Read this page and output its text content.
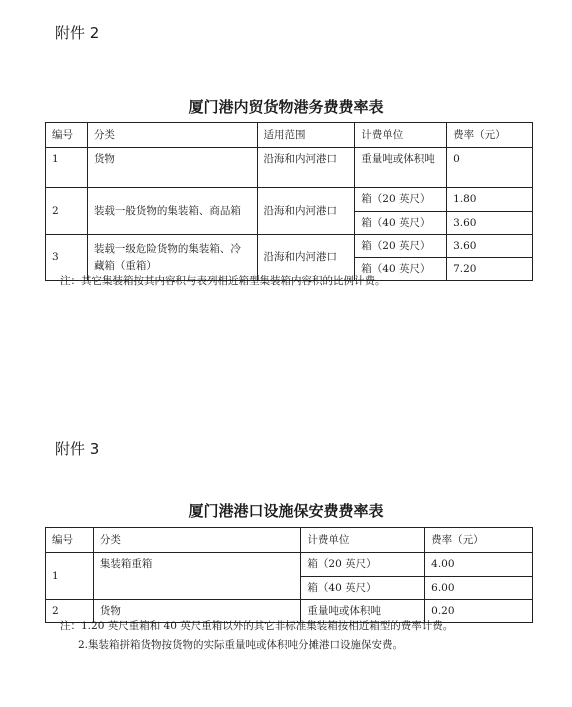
附件 2
厦门港内贸货物港务费费率表
编号	分类	适用范围	计费单位	费率（元）
1	货物	沿海和内河港口	重量吨或体积吨	0
2	装载一般货物的集装箱、商品箱	沿海和内河港口	箱（20 英尺）	1.80
			箱（40 英尺）	3.60
3	装载一级危险货物的集装箱、冷藏箱（重箱）	沿海和内河港口	箱（20 英尺）	3.60
			箱（40 英尺）	7.20
注：其它集装箱按其内容积与表列相近箱型集装箱内容积的比例计费。
附件 3
厦门港港口设施保安费费率表
编号	分类	计费单位	费率（元）
1	集装箱重箱	箱（20 英尺）	4.00
		箱（40 英尺）	6.00
2	货物	重量吨或体积吨	0.20
注：1.20 英尺重箱和 40 英尺重箱以外的其它非标准集装箱按相近箱型的费率计费。
2.集装箱拼箱货物按货物的实际重量吨或体积吨分摊港口设施保安费。
